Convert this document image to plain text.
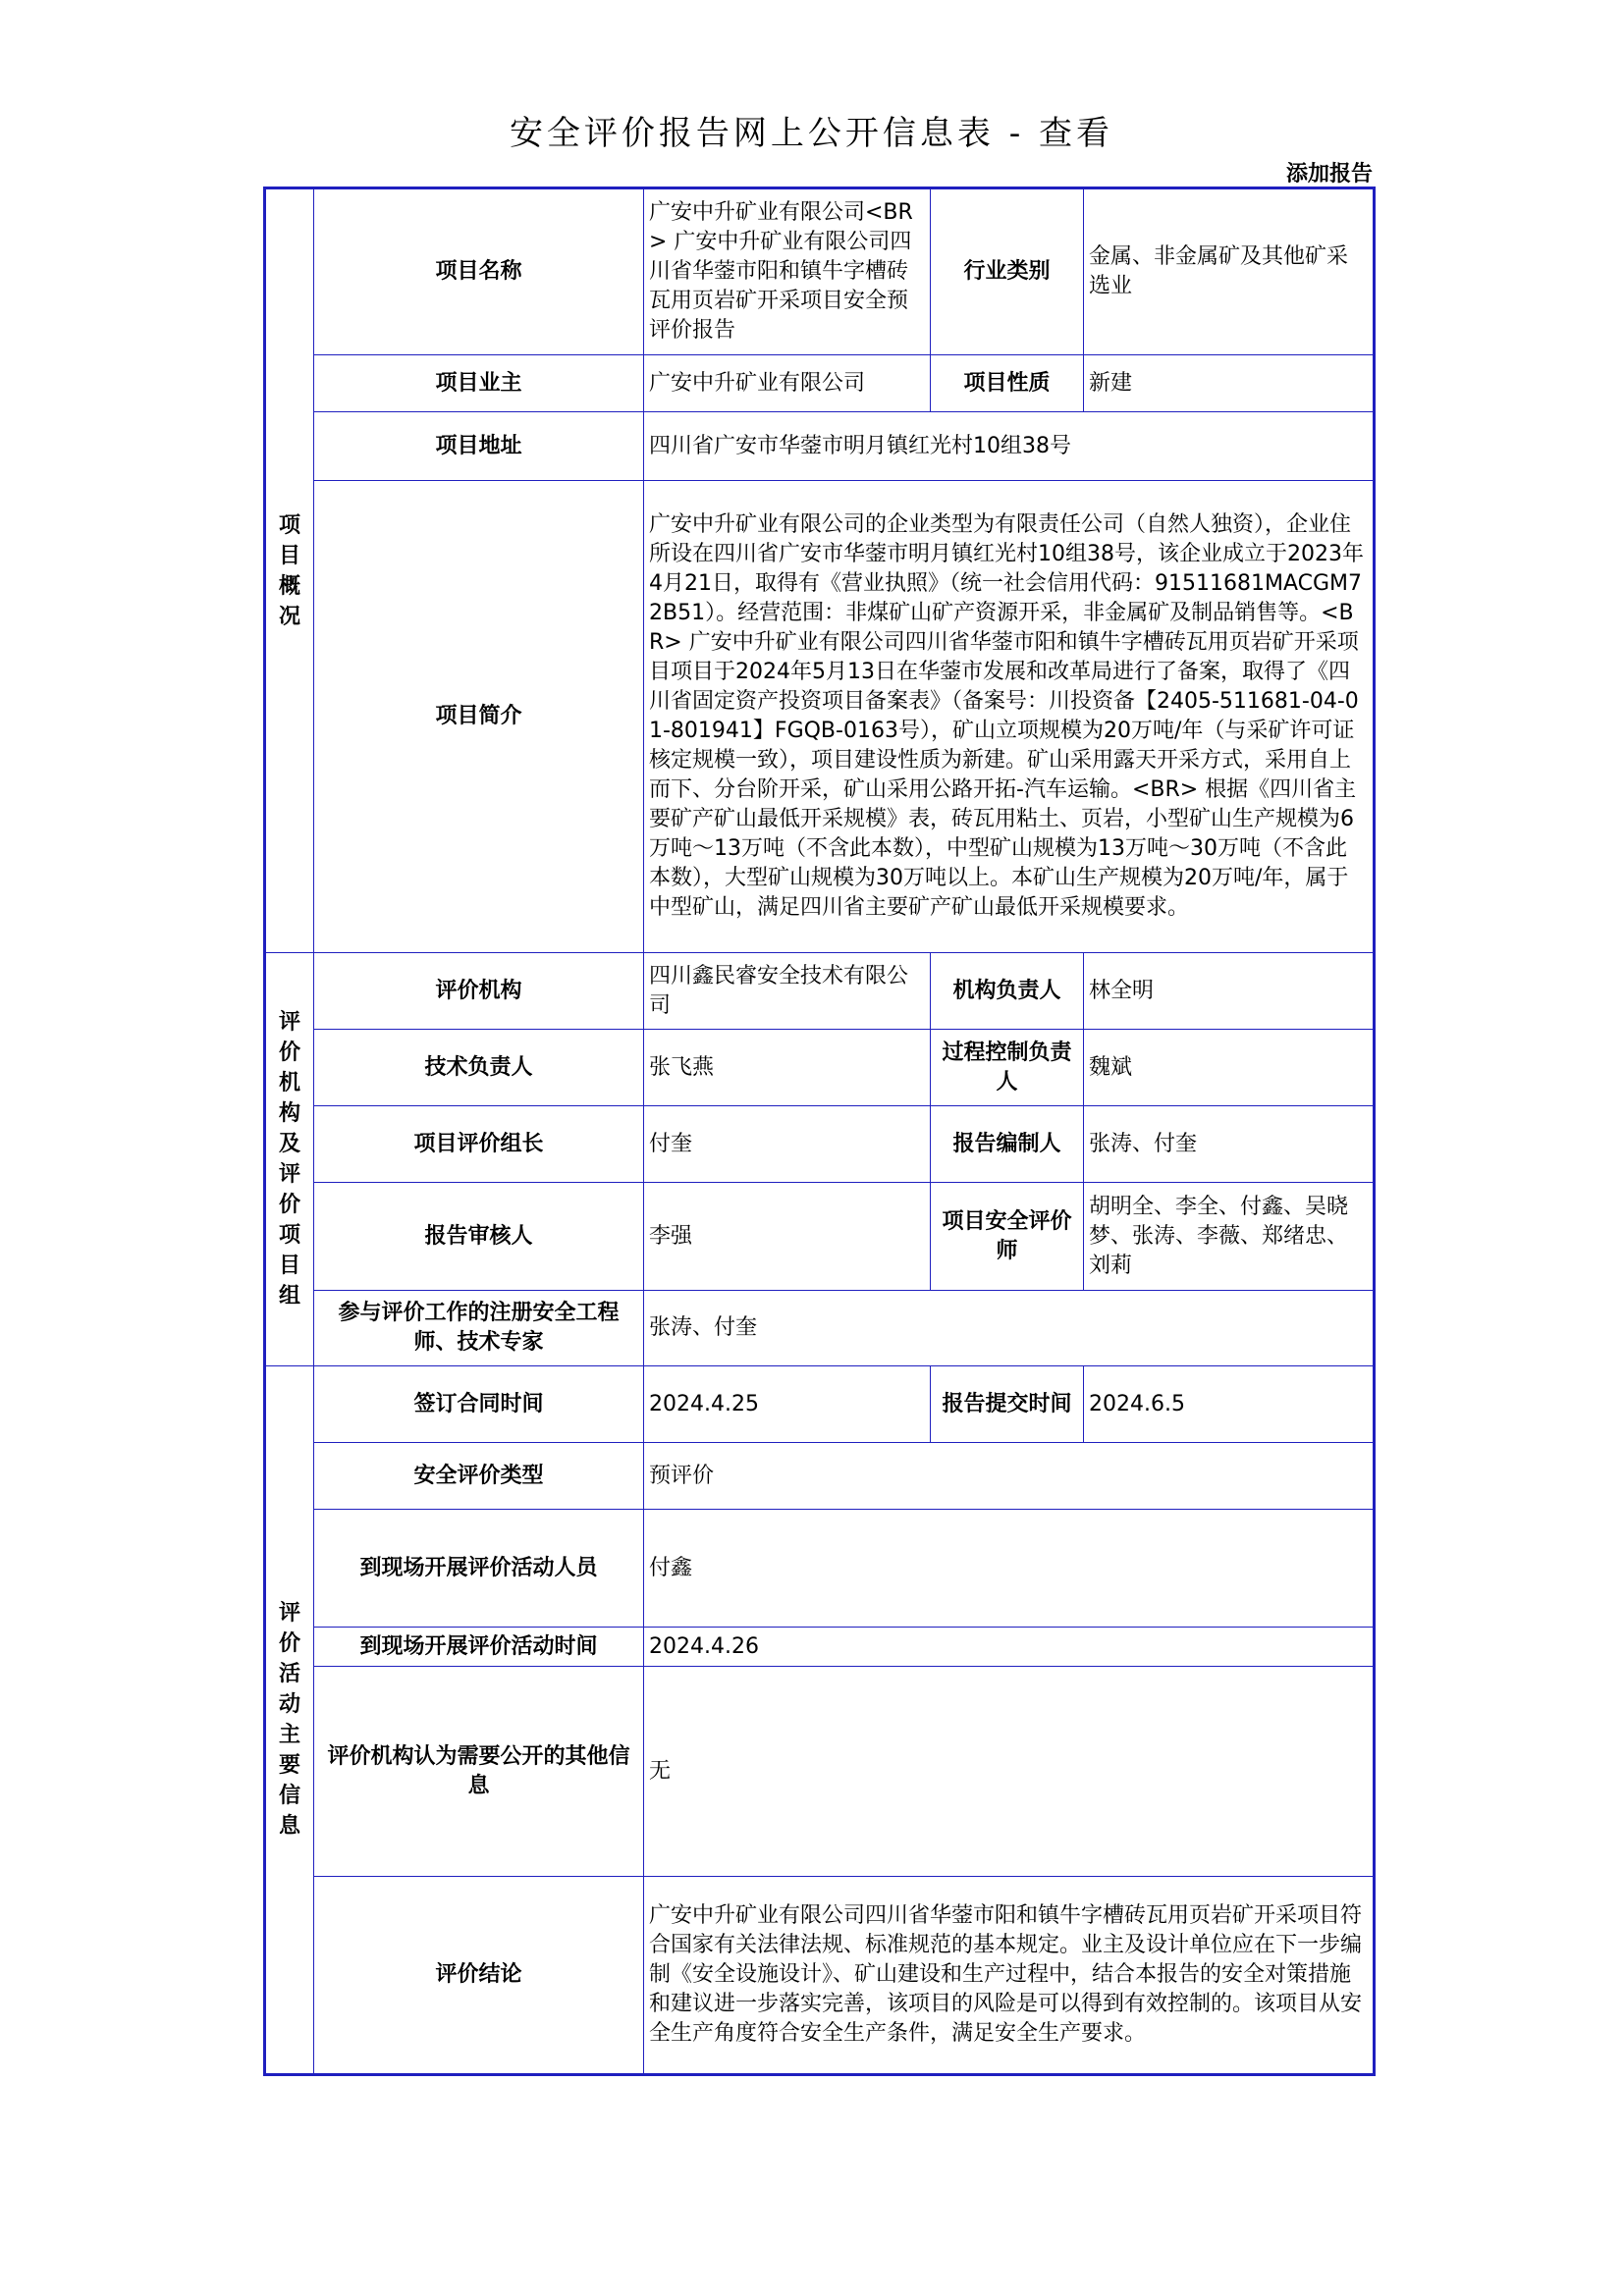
安全评价报告网上公开信息表 - 查看
添加报告
项目概况	项目名称	广安中升矿业有限公司<BR> 广安中升矿业有限公司四川省华蓥市阳和镇牛字槽砖瓦用页岩矿开采项目安全预评价报告	行业类别	金属、非金属矿及其他矿采选业
	项目业主	广安中升矿业有限公司	项目性质	新建
	项目地址	四川省广安市华蓥市明月镇红光村10组38号		
	项目简介	广安中升矿业有限公司的企业类型为有限责任公司（自然人独资），企业住所设在四川省广安市华蓥市明月镇红光村10组38号，该企业成立于2023年4月21日，取得有《营业执照》（统一社会信用代码：91511681MACGM72B51）。经营范围：非煤矿山矿产资源开采，非金属矿及制品销售等。<BR> 广安中升矿业有限公司四川省华蓥市阳和镇牛字槽砖瓦用页岩矿开采项目项目于2024年5月13日在华蓥市发展和改革局进行了备案，取得了《四川省固定资产投资项目备案表》（备案号：川投资备【2405-511681-04-01-801941】FGQB-0163号），矿山立项规模为20万吨/年（与采矿许可证核定规模一致），项目建设性质为新建。矿山采用露天开采方式，采用自上而下、分台阶开采，矿山采用公路开拓-汽车运输。<BR> 根据《四川省主要矿产矿山最低开采规模》表，砖瓦用粘土、页岩，小型矿山生产规模为6万吨～13万吨（不含此本数），中型矿山规模为13万吨～30万吨（不含此本数），大型矿山规模为30万吨以上。本矿山生产规模为20万吨/年，属于中型矿山，满足四川省主要矿产矿山最低开采规模要求。		

评价机构及评价项目组	评价机构	四川鑫民睿安全技术有限公司	机构负责人	林全明
	技术负责人	张飞燕	过程控制负责人	魏斌
	项目评价组长	付奎	报告编制人	张涛、付奎
	报告审核人	李强	项目安全评价师	胡明全、李全、付鑫、吴晓梦、张涛、李薇、郑绪忠、刘莉
	参与评价工作的注册安全工程师、技术专家	张涛、付奎		

评价活动主要信息	签订合同时间	2024.4.25	报告提交时间	2024.6.5
	安全评价类型	预评价		
	到现场开展评价活动人员	付鑫		
	到现场开展评价活动时间	2024.4.26		
	评价机构认为需要公开的其他信息	无		
	评价结论	广安中升矿业有限公司四川省华蓥市阳和镇牛字槽砖瓦用页岩矿开采项目符合国家有关法律法规、标准规范的基本规定。业主及设计单位应在下一步编制《安全设施设计》、矿山建设和生产过程中，结合本报告的安全对策措施和建议进一步落实完善，该项目的风险是可以得到有效控制的。该项目从安全生产角度符合安全生产条件，满足安全生产要求。		
